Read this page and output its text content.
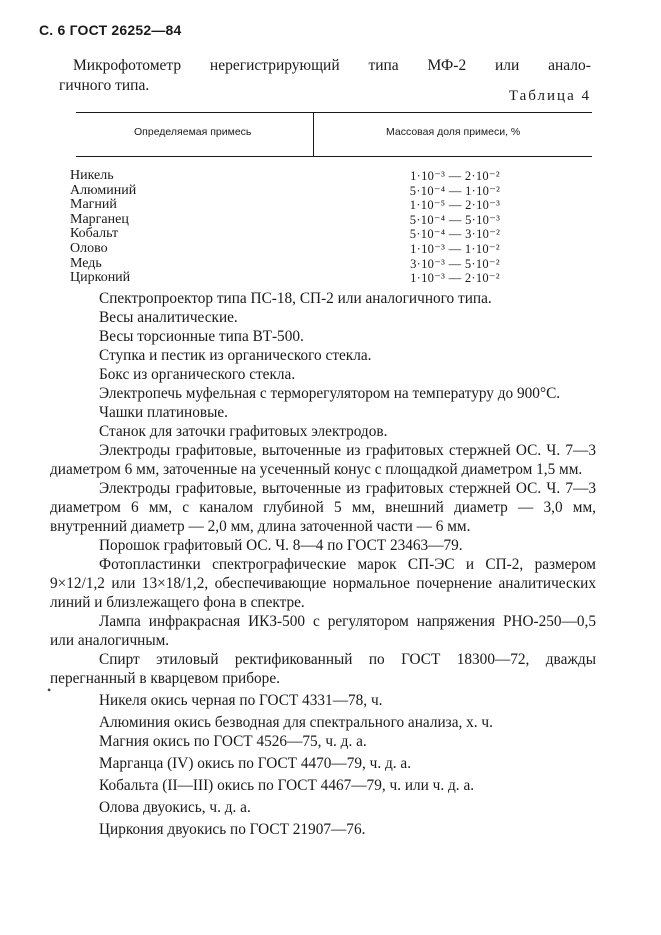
С. 6 ГОСТ 26252—84

Микрофотометр нерегистрирующий типа МФ-2 или анало-

гичного типа.

Таблица 4
Определяемая примесь	Массовая доля примеси, %
Никель	1·10⁻³ — 2·10⁻²
Алюминий	5·10⁻⁴ — 1·10⁻²
Магний	1·10⁻⁵ — 2·10⁻³
Марганец	5·10⁻⁴ — 5·10⁻³
Кобальт	5·10⁻⁴ — 3·10⁻²
Олово	1·10⁻³ — 1·10⁻²
Медь	3·10⁻³ — 5·10⁻²
Цирконий	1·10⁻³ — 2·10⁻²

Спектропроектор типа ПС-18, СП-2 или аналогичного типа.

Весы аналитические.

Весы торсионные типа ВТ-500.

Ступка и пестик из органического стекла.

Бокс из органического стекла.

Электропечь муфельная с терморегулятором на температуру до 900°С.

Чашки платиновые.

Станок для заточки графитовых электродов.

Электроды графитовые, выточенные из графитовых стержней ОС. Ч. 7—3 диаметром 6 мм, заточенные на усеченный конус с площадкой диаметром 1,5 мм.

Электроды графитовые, выточенные из графитовых стержней ОС. Ч. 7—3 диаметром 6 мм, с каналом глубиной 5 мм, внешний диаметр — 3,0 мм, внутренний диаметр — 2,0 мм, длина заточенной части — 6 мм.

Порошок графитовый ОС. Ч. 8—4 по ГОСТ 23463—79.

Фотопластинки спектрографические марок СП-ЭС и СП-2, размером 9×12/1,2 или 13×18/1,2, обеспечивающие нормальное почернение аналитических линий и близлежащего фона в спектре.

Лампа инфракрасная ИКЗ-500 с регулятором напряжения РНО-250—0,5 или аналогичным.

Спирт этиловый ректификованный по ГОСТ 18300—72, дважды перегнанный в кварцевом приборе.

Никеля окись черная по ГОСТ 4331—78, ч.

Алюминия окись безводная для спектрального анализа, х. ч.

Магния окись по ГОСТ 4526—75, ч. д. а.

Марганца (IV) окись по ГОСТ 4470—79, ч. д. а.

Кобальта (II—III) окись по ГОСТ 4467—79, ч. или ч. д. а.

Олова двуокись, ч. д. а.

Циркония двуокись по ГОСТ 21907—76.

•
